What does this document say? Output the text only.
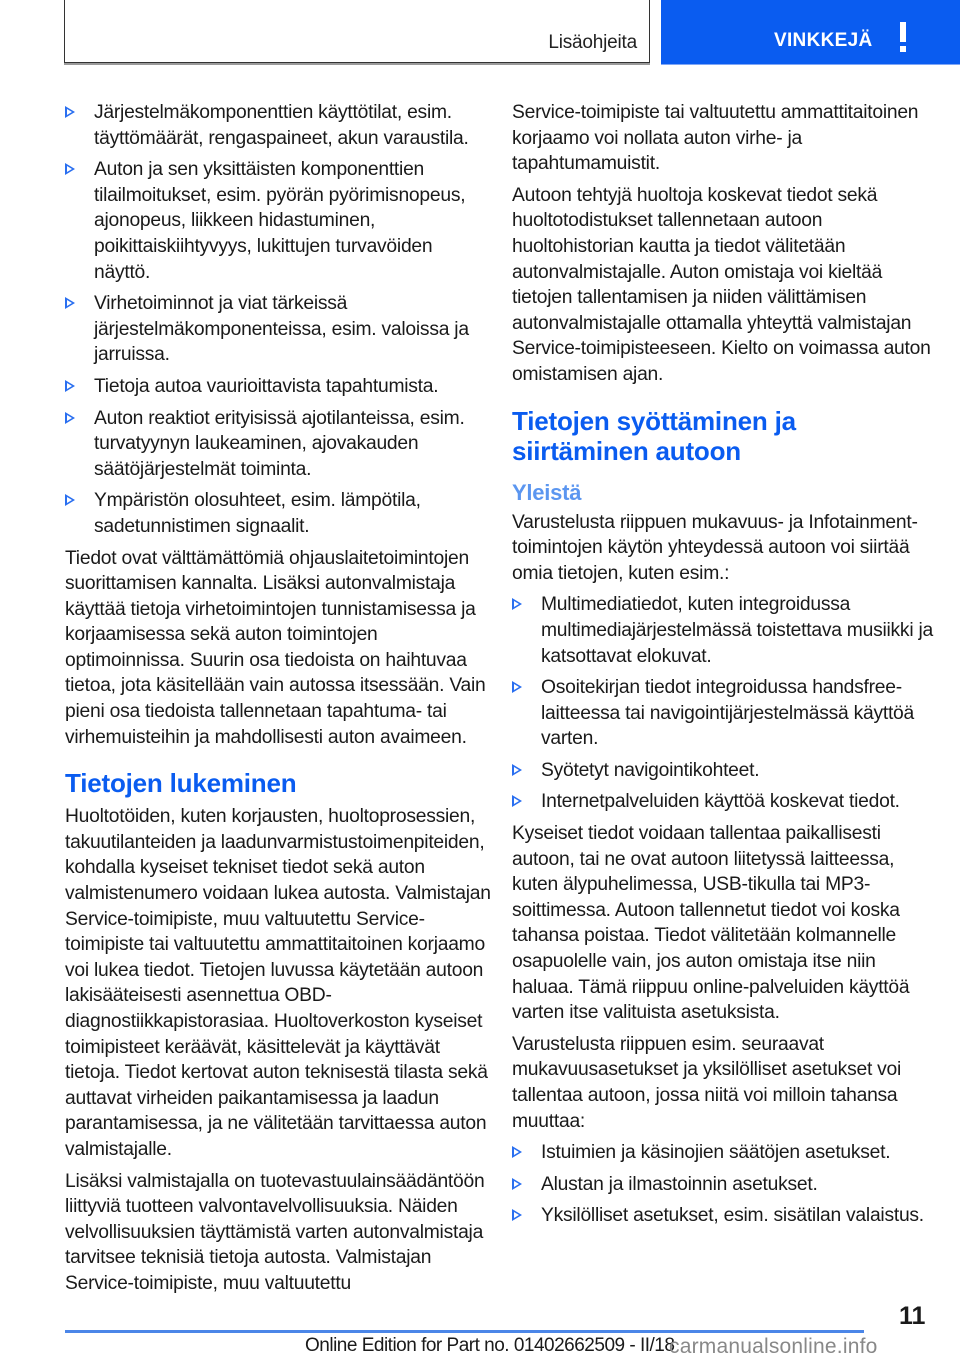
Lisäohjeita	VINKKEJÄ
Järjestelmäkomponenttien käyttötilat, esim. täyttömäärät, rengaspaineet, akun varaustila.
Auton ja sen yksittäisten komponenttien tilailmoitukset, esim. pyörän pyörimisnopeus, ajonopeus, liikkeen hidastuminen, poikittaiskiihtyvyys, lukittujen turvavöiden näyttö.
Virhetoiminnot ja viat tärkeissä järjestelmäkomponenteissa, esim. valoissa ja jarruissa.
Tietoja autoa vaurioittavista tapahtumista.
Auton reaktiot erityisissä ajotilanteissa, esim. turvatyynyn laukeaminen, ajovakauden säätöjärjestelmät toiminta.
Ympäristön olosuhteet, esim. lämpötila, sadetunnistimen signaalit.

Tiedot ovat välttämättömiä ohjauslaitetoimintojen suorittamisen kannalta. Lisäksi autonvalmistaja käyttää tietoja virhetoimintojen tunnistamisessa ja korjaamisessa sekä auton toimintojen optimoinnissa. Suurin osa tiedoista on haihtuvaa tietoa, jota käsitellään vain autossa itsessään. Vain pieni osa tiedoista tallennetaan tapahtuma- tai virhemuisteihin ja mahdollisesti auton avaimeen.

Tietojen lukeminen

Huoltotöiden, kuten korjausten, huoltoprosessien, takuutilanteiden ja laadunvarmistustoimenpiteiden, kohdalla kyseiset tekniset tiedot sekä auton valmistenumero voidaan lukea autosta. Valmistajan Service-toimipiste, muu valtuutettu Service-toimipiste tai valtuutettu ammattitaitoinen korjaamo voi lukea tiedot. Tietojen luvussa käytetään autoon lakisääteisesti asennettua OBD-diagnostiikkapistorasiaa. Huoltoverkoston kyseiset toimipisteet keräävät, käsittelevät ja käyttävät tietoja. Tiedot kertovat auton teknisestä tilasta sekä auttavat virheiden paikantamisessa ja laadun parantamisessa, ja ne välitetään tarvittaessa auton valmistajalle.

Lisäksi valmistajalla on tuotevastuulainsäädäntöön liittyviä tuotteen valvontavelvollisuuksia. Näiden velvollisuuksien täyttämistä varten autonvalmistaja tarvitsee teknisiä tietoja autosta. Valmistajan Service-toimipiste, muu valtuutettu

Service-toimipiste tai valtuutettu ammattitaitoinen korjaamo voi nollata auton virhe- ja tapahtumamuistit.

Autoon tehtyjä huoltoja koskevat tiedot sekä huoltotodistukset tallennetaan autoon huoltohistorian kautta ja tiedot välitetään autonvalmistajalle. Auton omistaja voi kieltää tietojen tallentamisen ja niiden välittämisen autonvalmistajalle ottamalla yhteyttä valmistajan Service-toimipisteeseen. Kielto on voimassa auton omistamisen ajan.

Tietojen syöttäminen ja siirtäminen autoon
Yleistä

Varustelusta riippuen mukavuus- ja Infotainment-toimintojen käytön yhteydessä autoon voi siirtää omia tietojen, kuten esim.:

Multimediatiedot, kuten integroidussa multimediajärjestelmässä toistettava musiikki ja katsottavat elokuvat.
Osoitekirjan tiedot integroidussa handsfree-laitteessa tai navigointijärjestelmässä käyttöä varten.
Syötetyt navigointikohteet.
Internetpalveluiden käyttöä koskevat tiedot.

Kyseiset tiedot voidaan tallentaa paikallisesti autoon, tai ne ovat autoon liitetyssä laitteessa, kuten älypuhelimessa, USB-tikulla tai MP3-soittimessa. Autoon tallennetut tiedot voi koska tahansa poistaa. Tiedot välitetään kolmannelle osapuolelle vain, jos auton omistaja itse niin haluaa. Tämä riippuu online-palveluiden käyttöä varten itse valituista asetuksista.

Varustelusta riippuen esim. seuraavat mukavuusasetukset ja yksilölliset asetukset voi tallentaa autoon, jossa niitä voi milloin tahansa muuttaa:

Istuimien ja käsinojien säätöjen asetukset.
Alustan ja ilmastoinnin asetukset.
Yksilölliset asetukset, esim. sisätilan valaistus.
11
Online Edition for Part no. 01402662509 - II/18
carmanualsonline.info
